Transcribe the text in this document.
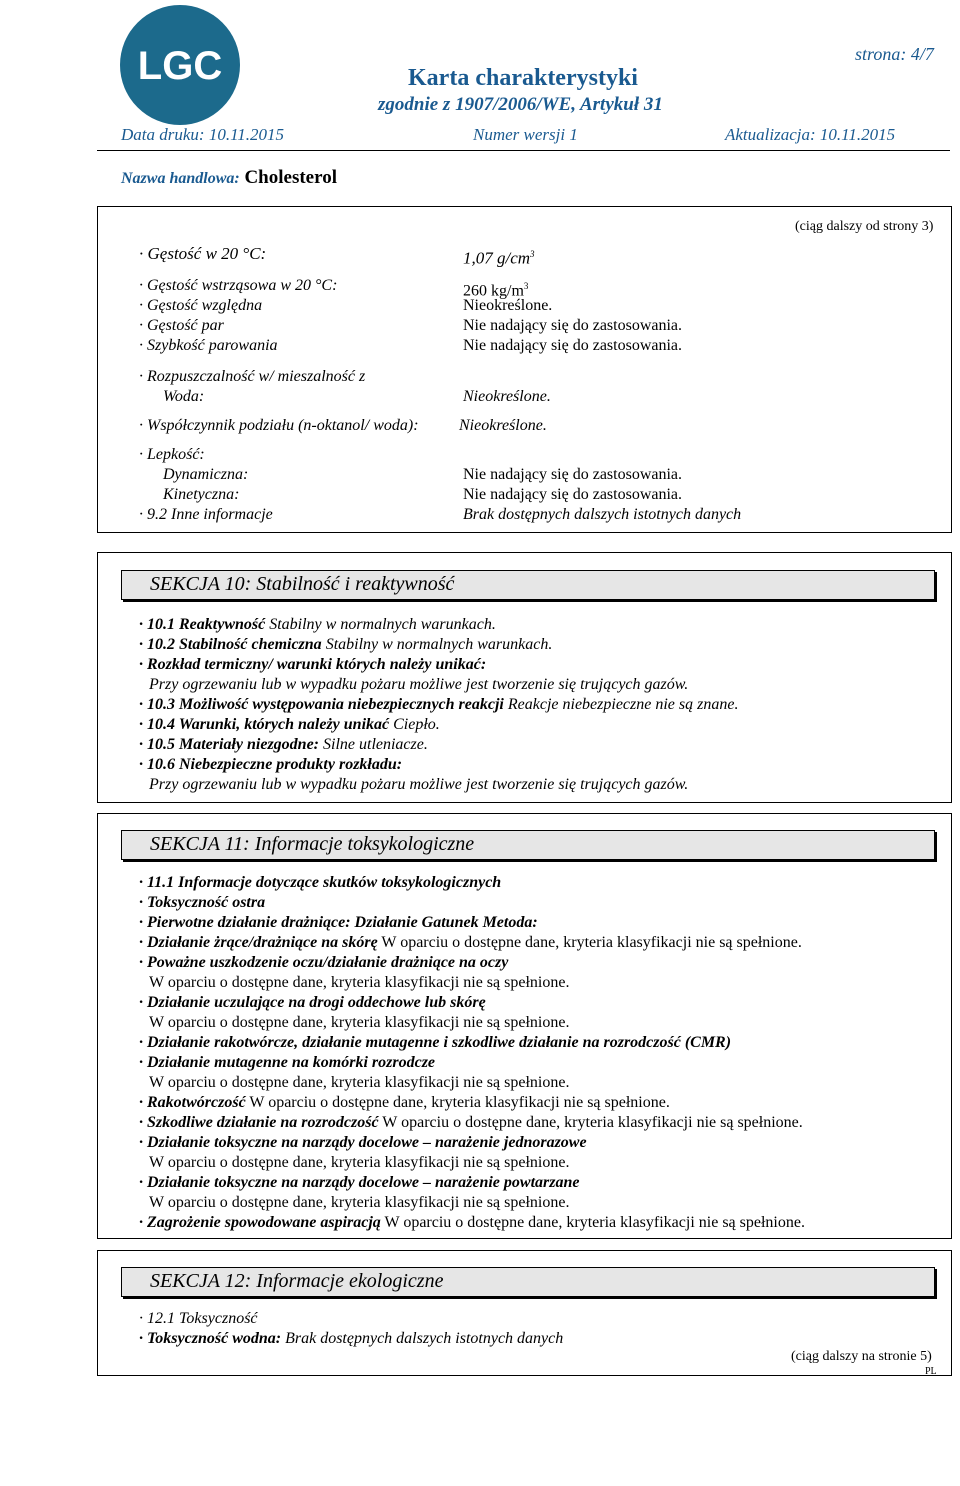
LGC	strona: 4/7
Karta charakterystyki
zgodnie z 1907/2006/WE, Artykuł 31
Data druku: 10.11.2015	Numer wersji 1	Aktualizacja: 10.11.2015
Nazwa handlowa: Cholesterol
(ciąg dalszy od strony 3)
· Gęstość w 20 °C:	1,07 $g/cm^3$
· Gęstość wstrząsowa w 20 °C:	260 $kg/m^3$
· Gęstość względna	Nieokreślone.
· Gęstość par	Nie nadający się do zastosowania.
· Szybkość parowania	Nie nadający się do zastosowania.
· Rozpuszczalność w/ mieszalność z
Woda:	Nieokreślone.
· Współczynnik podziału (n-oktanol/ woda):	Nieokreślone.
· Lepkość:
Dynamiczna:	Nie nadający się do zastosowania.
Kinetyczna:	Nie nadający się do zastosowania.
· 9.2 Inne informacje	Brak dostępnych dalszych istotnych danych
SEKCJA 10: Stabilność i reaktywność
· 10.1 Reaktywność Stabilny w normalnych warunkach.
· 10.2 Stabilność chemiczna Stabilny w normalnych warunkach.
· Rozkład termiczny/ warunki których należy unikać:
Przy ogrzewaniu lub w wypadku pożaru możliwe jest tworzenie się trujących gazów.
· 10.3 Możliwość występowania niebezpiecznych reakcji Reakcje niebezpieczne nie są znane.
· 10.4 Warunki, których należy unikać Ciepło.
· 10.5 Materiały niezgodne: Silne utleniacze.
· 10.6 Niebezpieczne produkty rozkładu:
Przy ogrzewaniu lub w wypadku pożaru możliwe jest tworzenie się trujących gazów.
SEKCJA 11: Informacje toksykologiczne
· 11.1 Informacje dotyczące skutków toksykologicznych
· Toksyczność ostra
· Pierwotne działanie drażniące: Działanie Gatunek Metoda:
· Działanie żrące/drażniące na skórę W oparciu o dostępne dane, kryteria klasyfikacji nie są spełnione.
· Poważne uszkodzenie oczu/działanie drażniące na oczy
W oparciu o dostępne dane, kryteria klasyfikacji nie są spełnione.
· Działanie uczulające na drogi oddechowe lub skórę
W oparciu o dostępne dane, kryteria klasyfikacji nie są spełnione.
· Działanie rakotwórcze, działanie mutagenne i szkodliwe działanie na rozrodczość (CMR)
· Działanie mutagenne na komórki rozrodcze
W oparciu o dostępne dane, kryteria klasyfikacji nie są spełnione.
· Rakotwórczość W oparciu o dostępne dane, kryteria klasyfikacji nie są spełnione.
· Szkodliwe działanie na rozrodczość W oparciu o dostępne dane, kryteria klasyfikacji nie są spełnione.
· Działanie toksyczne na narządy docelowe – narażenie jednorazowe
W oparciu o dostępne dane, kryteria klasyfikacji nie są spełnione.
· Działanie toksyczne na narządy docelowe – narażenie powtarzane
W oparciu o dostępne dane, kryteria klasyfikacji nie są spełnione.
· Zagrożenie spowodowane aspiracją W oparciu o dostępne dane, kryteria klasyfikacji nie są spełnione.
SEKCJA 12: Informacje ekologiczne
· 12.1 Toksyczność
· Toksyczność wodna: Brak dostępnych dalszych istotnych danych
(ciąg dalszy na stronie 5)
PL
